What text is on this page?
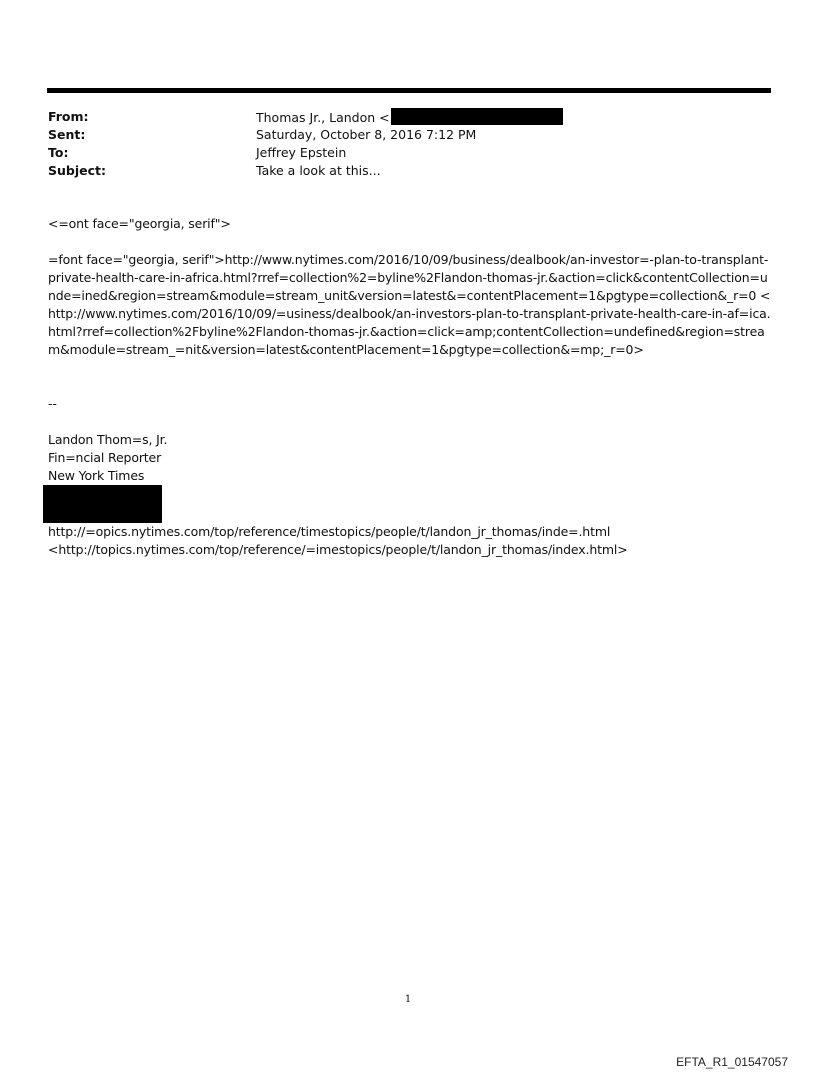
From:	Thomas Jr., Landon <
Sent:	Saturday, October 8, 2016 7:12 PM
To:	Jeffrey Epstein
Subject:	Take a look at this...

<=ont face="georgia, serif">

=font face="georgia, serif">http://www.nytimes.com/2016/10/09/business/dealbook/an-investor=-plan-to-transplant-private-health-care-in-africa.html?rref=collection%2=byline%2Flandon-thomas-jr.&action=click&contentCollection=unde=ined&region=stream&module=stream_unit&version=latest&=contentPlacement=1&pgtype=collection&_r=0 <http://www.nytimes.com/2016/10/09/=usiness/dealbook/an-investors-plan-to-transplant-private-health-care-in-af=ica.html?rref=collection%2Fbyline%2Flandon-thomas-jr.&action=click=amp;contentCollection=undefined&region=stream&module=stream_=nit&version=latest&contentPlacement=1&pgtype=collection&=mp;_r=0>

--

Landon Thom=s, Jr.

Fin=ncial Reporter

New York Times

http://=opics.nytimes.com/top/reference/timestopics/people/t/landon_jr_thomas/inde=.html

<http://topics.nytimes.com/top/reference/=imestopics/people/t/landon_jr_thomas/index.html>

1
EFTA_R1_01547057
